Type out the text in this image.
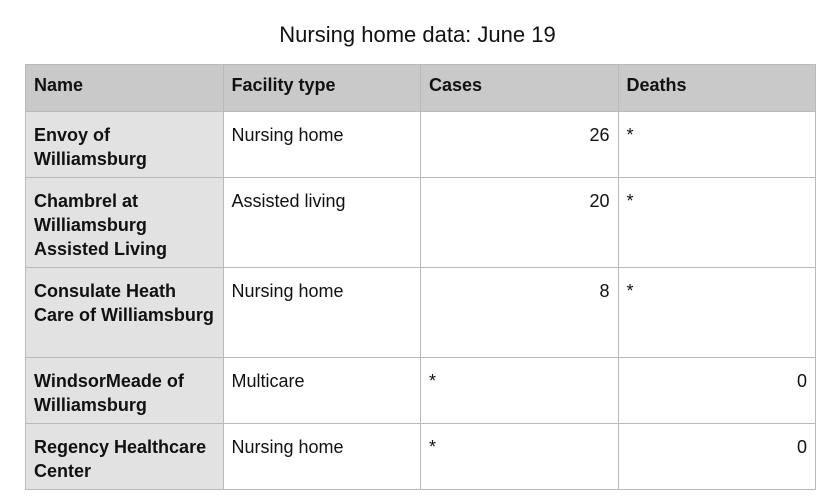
Nursing home data: June 19
Name	Facility type	Cases	Deaths
Envoy of Williamsburg	Nursing home	26	*
Chambrel at Williamsburg Assisted Living	Assisted living	20	*
Consulate Heath Care of Williamsburg	Nursing home	8	*
WindsorMeade of Williamsburg	Multicare	*	0
Regency Healthcare Center	Nursing home	*	0
